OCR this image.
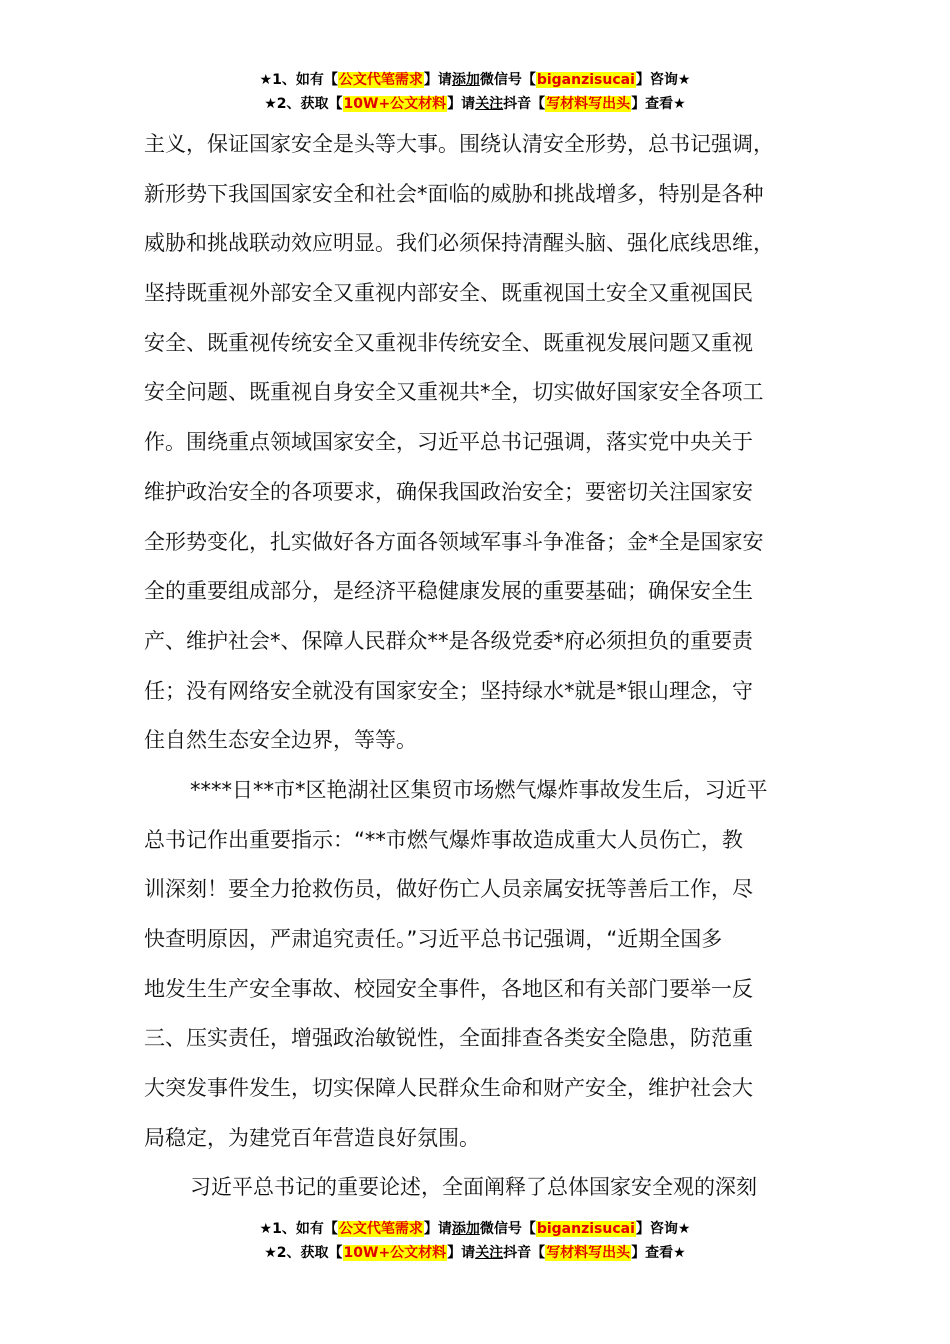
★1、如有【公文代笔需求】请添加微信号【biganzisucai】咨询★
★2、获取【10W+公文材料】请关注抖音【写材料写出头】查看★
主义，保证国家安全是头等大事。围绕认清安全形势，总书记强调，
新形势下我国国家安全和社会*面临的威胁和挑战增多，特别是各种
威胁和挑战联动效应明显。我们必须保持清醒头脑、强化底线思维，
坚持既重视外部安全又重视内部安全、既重视国土安全又重视国民
安全、既重视传统安全又重视非传统安全、既重视发展问题又重视
安全问题、既重视自身安全又重视共*全，切实做好国家安全各项工
作。围绕重点领域国家安全，习近平总书记强调，落实党中央关于
维护政治安全的各项要求，确保我国政治安全；要密切关注国家安
全形势变化，扎实做好各方面各领域军事斗争准备；金*全是国家安
全的重要组成部分，是经济平稳健康发展的重要基础；确保安全生
产、维护社会*、保障人民群众**是各级党委*府必须担负的重要责
任；没有网络安全就没有国家安全；坚持绿水*就是*银山理念，守
住自然生态安全边界，等等。
****日**市*区艳湖社区集贸市场燃气爆炸事故发生后，习近平
总书记作出重要指示：“**市燃气爆炸事故造成重大人员伤亡，教
训深刻！要全力抢救伤员，做好伤亡人员亲属安抚等善后工作，尽
快查明原因，严肃追究责任。”习近平总书记强调，“近期全国多
地发生生产安全事故、校园安全事件，各地区和有关部门要举一反
三、压实责任，增强政治敏锐性，全面排查各类安全隐患，防范重
大突发事件发生，切实保障人民群众生命和财产安全，维护社会大
局稳定，为建党百年营造良好氛围。
习近平总书记的重要论述，全面阐释了总体国家安全观的深刻
★1、如有【公文代笔需求】请添加微信号【biganzisucai】咨询★
★2、获取【10W+公文材料】请关注抖音【写材料写出头】查看★
